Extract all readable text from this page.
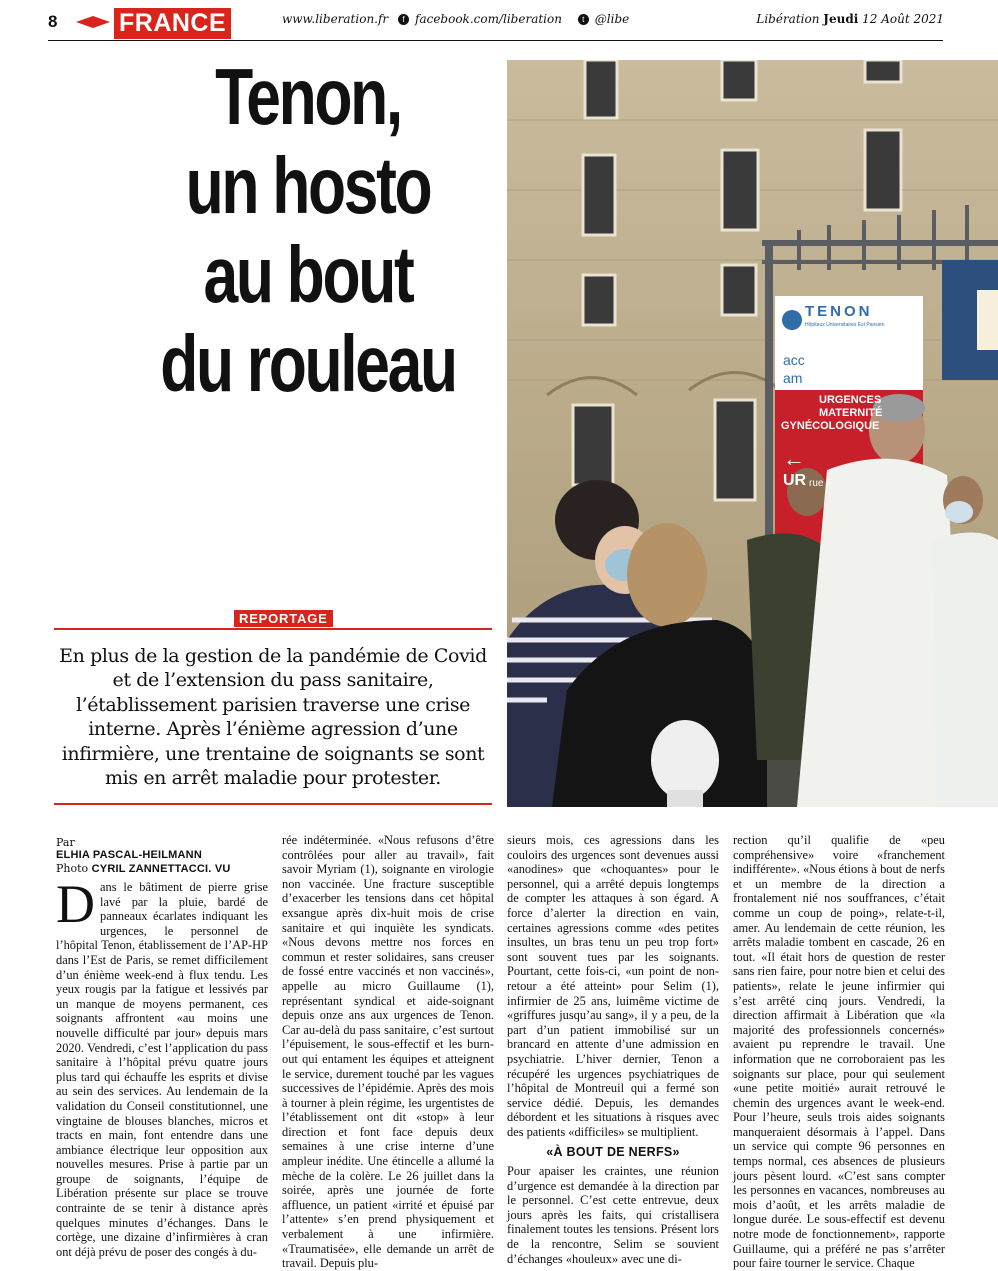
8 FRANCE	www.liberation.fr f facebook.com/liberation	t @libe	Libération Jeudi 12 Août 2021
Tenon,
un hosto
au bout
du rouleau
REPORTAGE
En plus de la gestion de la pandémie de Covid et de l’extension du pass sanitaire, l’établissement parisien traverse une crise interne. Après l’énième agression d’une infirmière, une trentaine de soignants se sont mis en arrêt maladie pour protester.
TENON
Hôpitaux Universitaires Est Parisien
acc
am
URGENCES
MATERNITÉ
GYNÉCOLOGIQUE
←
UR rue F
Par
ELHIA PASCAL-HEILMANN
Photo CYRIL ZANNETTACCI. VU
D ans le bâtiment de pierre grise lavé par la pluie, bardé de panneaux écarlates indiquant les urgences, le personnel de l’hôpital Tenon, établissement de l’AP-HP dans l’Est de Paris, se remet difficilement d’un énième week-end à flux tendu. Les yeux rougis par la fatigue et lessivés par un manque de moyens permanent, ces soignants affrontent «au moins une nouvelle difficulté par jour» depuis mars 2020. Vendredi, c’est l’application du pass sanitaire à l’hôpital prévu quatre jours plus tard qui échauffe les esprits et divise au sein des services. Au lendemain de la validation du Conseil constitutionnel, une vingtaine de blouses blanches, micros et tracts en main, font entendre dans une ambiance électrique leur opposition aux nouvelles mesures. Prise à partie par un groupe de soignants, l’équipe de Libération présente sur place se trouve contrainte de se tenir à distance après quelques minutes d’échanges. Dans le cortège, une dizaine d’infirmières à cran ont déjà prévu de poser des congés à du-
rée indéterminée. «Nous refusons d’être contrôlées pour aller au travail», fait savoir Myriam (1), soignante en virologie non vaccinée. Une fracture susceptible d’exacerber les tensions dans cet hôpital exsangue après dix-huit mois de crise sanitaire et qui inquiète les syndicats. «Nous devons mettre nos forces en commun et rester solidaires, sans creuser de fossé entre vaccinés et non vaccinés», appelle au micro Guillaume (1), représentant syndical et aide-soignant depuis onze ans aux urgences de Tenon. Car au-delà du pass sanitaire, c’est surtout l’épuisement, le sous-effectif et les burn-out qui entament les équipes et atteignent le service, durement touché par les vagues successives de l’épidémie. Après des mois à tourner à plein régime, les urgentistes de l’établissement ont dit «stop» à leur direction et font face depuis deux semaines à une crise interne d’une ampleur inédite. Une étincelle a allumé la mèche de la colère. Le 26 juillet dans la soirée, après une journée de forte affluence, un patient «irrité et épuisé par l’attente» s’en prend physiquement et verbalement à une infirmière. «Traumatisée», elle demande un arrêt de travail. Depuis plu-
sieurs mois, ces agressions dans les couloirs des urgences sont devenues aussi «anodines» que «choquantes» pour le personnel, qui a arrêté depuis longtemps de compter les attaques à son égard. A force d’alerter la direction en vain, certaines agressions comme «des petites insultes, un bras tenu un peu trop fort» sont souvent tues par les soignants. Pourtant, cette fois-ci, «un point de non-retour a été atteint» pour Selim (1), infirmier de 25 ans, luimême victime de «griffures jusqu’au sang», il y a peu, de la part d’un patient immobilisé sur un brancard en attente d’une admission en psychiatrie. L’hiver dernier, Tenon a récupéré les urgences psychiatriques de l’hôpital de Montreuil qui a fermé son service dédié. Depuis, les demandes débordent et les situations à risques avec des patients «difficiles» se multiplient.
«À BOUT DE NERFS»
Pour apaiser les craintes, une réunion d’urgence est demandée à la direction par le personnel. C’est cette entrevue, deux jours après les faits, qui cristallisera finalement toutes les tensions. Présent lors de la rencontre, Selim se souvient d’échanges «houleux» avec une di-
rection qu’il qualifie de «peu compréhensive» voire «franchement indifférente». «Nous étions à bout de nerfs et un membre de la direction a frontalement nié nos souffrances, c’était comme un coup de poing», relate-t-il, amer. Au lendemain de cette réunion, les arrêts maladie tombent en cascade, 26 en tout. «Il était hors de question de rester sans rien faire, pour notre bien et celui des patients», relate le jeune infirmier qui s’est arrêté cinq jours. Vendredi, la direction affirmait à Libération que «la majorité des professionnels concernés» avaient pu reprendre le travail. Une information que ne corroboraient pas les soignants sur place, pour qui seulement «une petite moitié» aurait retrouvé le chemin des urgences avant le week-end. Pour l’heure, seuls trois aides soignants manqueraient désormais à l’appel. Dans un service qui compte 96 personnes en temps normal, ces absences de plusieurs jours pèsent lourd. «C’est sans compter les personnes en vacances, nombreuses au mois d’août, et les arrêts maladie de longue durée. Le sous-effectif est devenu notre mode de fonctionnement», rapporte Guillaume, qui a préféré ne pas s’arrêter pour faire tourner le service. Chaque
